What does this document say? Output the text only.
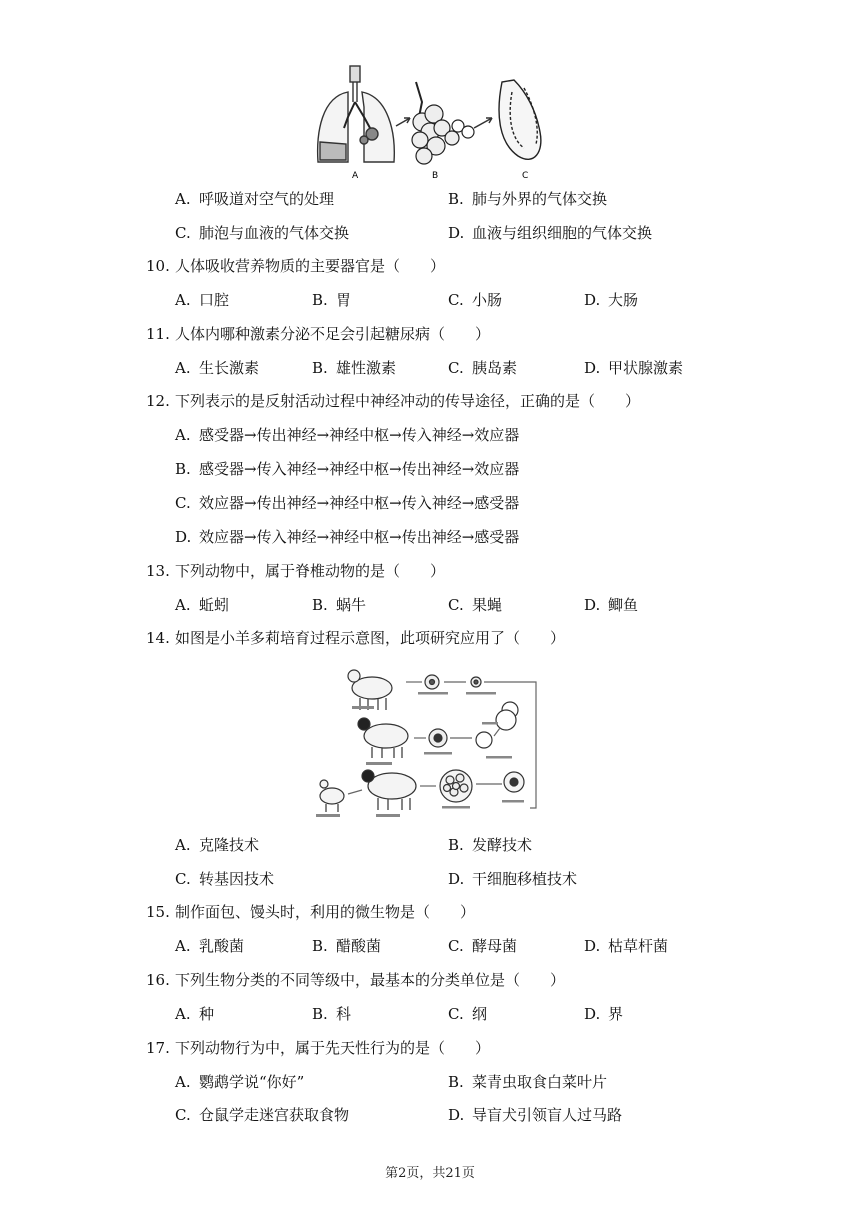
A	B	C
A. 呼吸道对空气的处理	B. 肺与外界的气体交换
C. 肺泡与血液的气体交换	D. 血液与组织细胞的气体交换
10. 人体吸收营养物质的主要器官是（　　）
A. 口腔	B. 胃	C. 小肠	D. 大肠
11. 人体内哪种激素分泌不足会引起糖尿病（　　）
A. 生长激素	B. 雄性激素	C. 胰岛素	D. 甲状腺激素
12. 下列表示的是反射活动过程中神经冲动的传导途径，正确的是（　　）
A. 感受器→传出神经→神经中枢→传入神经→效应器
B. 感受器→传入神经→神经中枢→传出神经→效应器
C. 效应器→传出神经→神经中枢→传入神经→感受器
D. 效应器→传入神经→神经中枢→传出神经→感受器
13. 下列动物中，属于脊椎动物的是（　　）
A. 蚯蚓	B. 蜗牛	C. 果蝇	D. 鲫鱼
14. 如图是小羊多莉培育过程示意图，此项研究应用了（　　）
A. 克隆技术	B. 发酵技术
C. 转基因技术	D. 干细胞移植技术
15. 制作面包、馒头时，利用的微生物是（　　）
A. 乳酸菌	B. 醋酸菌	C. 酵母菌	D. 枯草杆菌
16. 下列生物分类的不同等级中，最基本的分类单位是（　　）
A. 种	B. 科	C. 纲	D. 界
17. 下列动物行为中，属于先天性行为的是（　　）
A. 鹦鹉学说“你好”	B. 菜青虫取食白菜叶片
C. 仓鼠学走迷宫获取食物	D. 导盲犬引领盲人过马路
第2页，共21页
